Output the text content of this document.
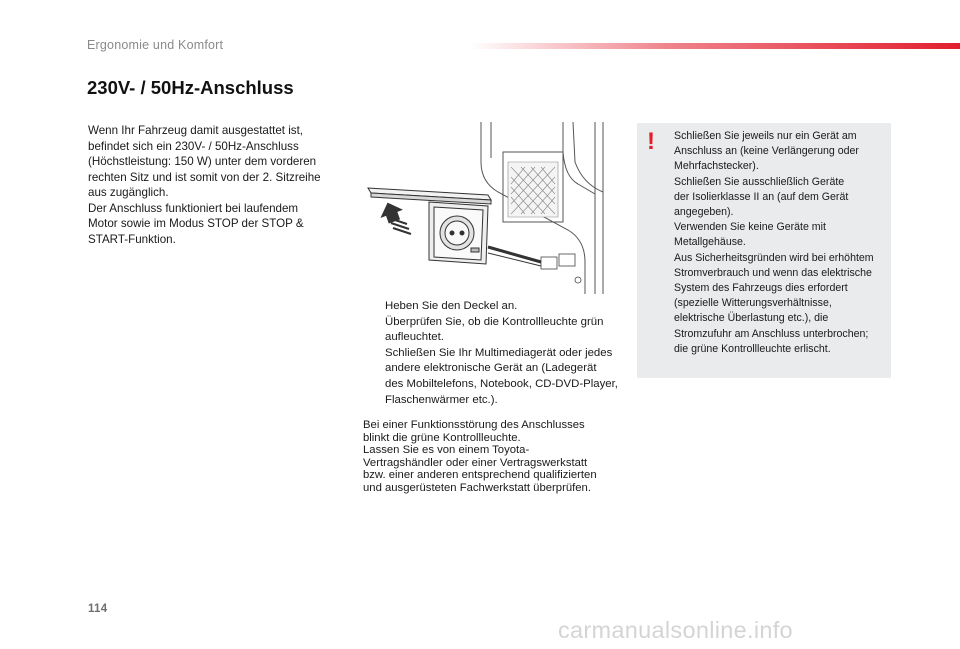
Ergonomie und Komfort
230V- / 50Hz-Anschluss

Wenn Ihr Fahrzeug damit ausgestattet ist,

befindet sich ein 230V- / 50Hz-Anschluss

(Höchstleistung: 150 W) unter dem vorderen

rechten Sitz und ist somit von der 2. Sitzreihe

aus zugänglich.

Der Anschluss funktioniert bei laufendem

Motor sowie im Modus STOP der STOP &

START-Funktion.

Heben Sie den Deckel an.
Überprüfen Sie, ob die Kontrollleuchte grün aufleuchtet.
Schließen Sie Ihr Multimediagerät oder jedes andere elektronische Gerät an (Ladegerät des Mobiltelefons, Notebook, CD-DVD-Player, Flaschenwärmer etc.).

Bei einer Funktionsstörung des Anschlusses

blinkt die grüne Kontrollleuchte.

Lassen Sie es von einem Toyota-

Vertragshändler oder einer Vertragswerkstatt

bzw. einer anderen entsprechend qualifizierten

und ausgerüsteten Fachwerkstatt überprüfen.

! Schließen Sie jeweils nur ein Gerät am

Anschluss an (keine Verlängerung oder

Mehrfachstecker).

Schließen Sie ausschließlich Geräte

der Isolierklasse II an (auf dem Gerät

angegeben).

Verwenden Sie keine Geräte mit

Metallgehäuse.

Aus Sicherheitsgründen wird bei erhöhtem

Stromverbrauch und wenn das elektrische

System des Fahrzeugs dies erfordert

(spezielle Witterungsverhältnisse,

elektrische Überlastung etc.), die

Stromzufuhr am Anschluss unterbrochen;

die grüne Kontrollleuchte erlischt.

114
carmanualsonline.info
